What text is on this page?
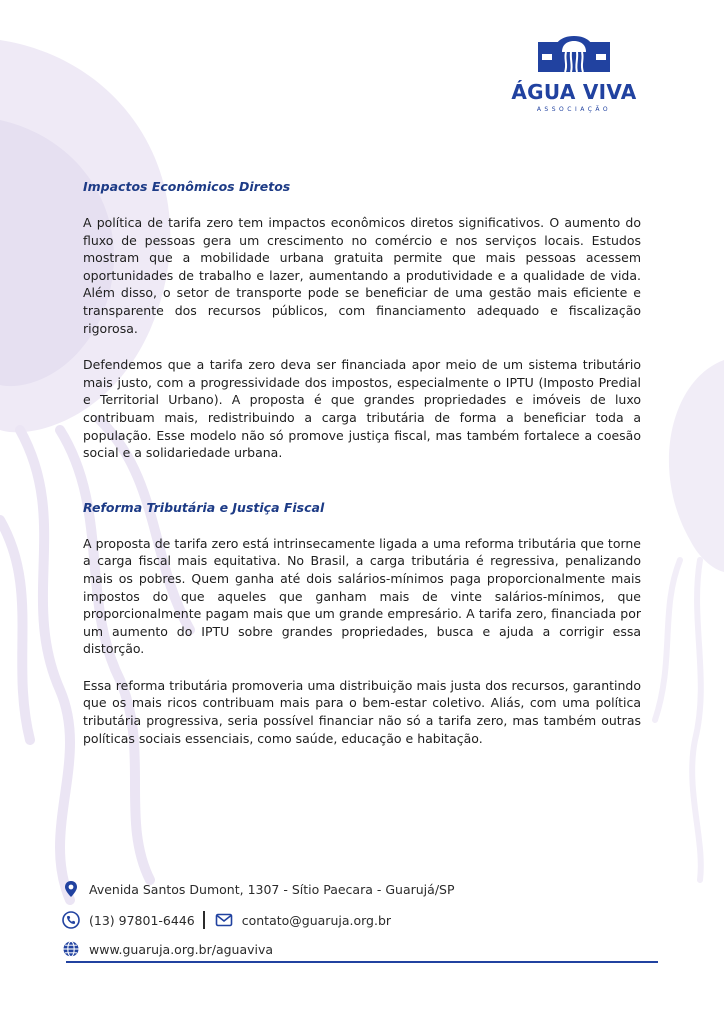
ÁGUA VIVA
ASSOCIAÇÃO
Impactos Econômicos Diretos

A política de tarifa zero tem impactos econômicos diretos significativos. O aumento do fluxo de pessoas gera um crescimento no comércio e nos serviços locais. Estudos mostram que a mobilidade urbana gratuita permite que mais pessoas acessem oportunidades de trabalho e lazer, aumentando a produtividade e a qualidade de vida. Além disso, o setor de transporte pode se beneficiar de uma gestão mais eficiente e transparente dos recursos públicos, com financiamento adequado e fiscalização rigorosa.

Defendemos que a tarifa zero deva ser financiada apor meio de um sistema tributário mais justo, com a progressividade dos impostos, especialmente o IPTU (Imposto Predial e Territorial Urbano). A proposta é que grandes propriedades e imóveis de luxo contribuam mais, redistribuindo a carga tributária de forma a beneficiar toda a população. Esse modelo não só promove justiça fiscal, mas também fortalece a coesão social e a solidariedade urbana.

Reforma Tributária e Justiça Fiscal

A proposta de tarifa zero está intrinsecamente ligada a uma reforma tributária que torne a carga fiscal mais equitativa. No Brasil, a carga tributária é regressiva, penalizando mais os pobres. Quem ganha até dois salários-mínimos paga proporcionalmente mais impostos do que aqueles que ganham mais de vinte salários-mínimos, que proporcionalmente pagam mais que um grande empresário. A tarifa zero, financiada por um aumento do IPTU sobre grandes propriedades, busca e ajuda a corrigir essa distorção.

Essa reforma tributária promoveria uma distribuição mais justa dos recursos, garantindo que os mais ricos contribuam mais para o bem-estar coletivo. Aliás, com uma política tributária progressiva, seria possível financiar não só a tarifa zero, mas também outras políticas sociais essenciais, como saúde, educação e habitação.

Avenida Santos Dumont, 1307 - Sítio Paecara - Guarujá/SP
(13) 97801-6446	contato@guaruja.org.br
www.guaruja.org.br/aguaviva
